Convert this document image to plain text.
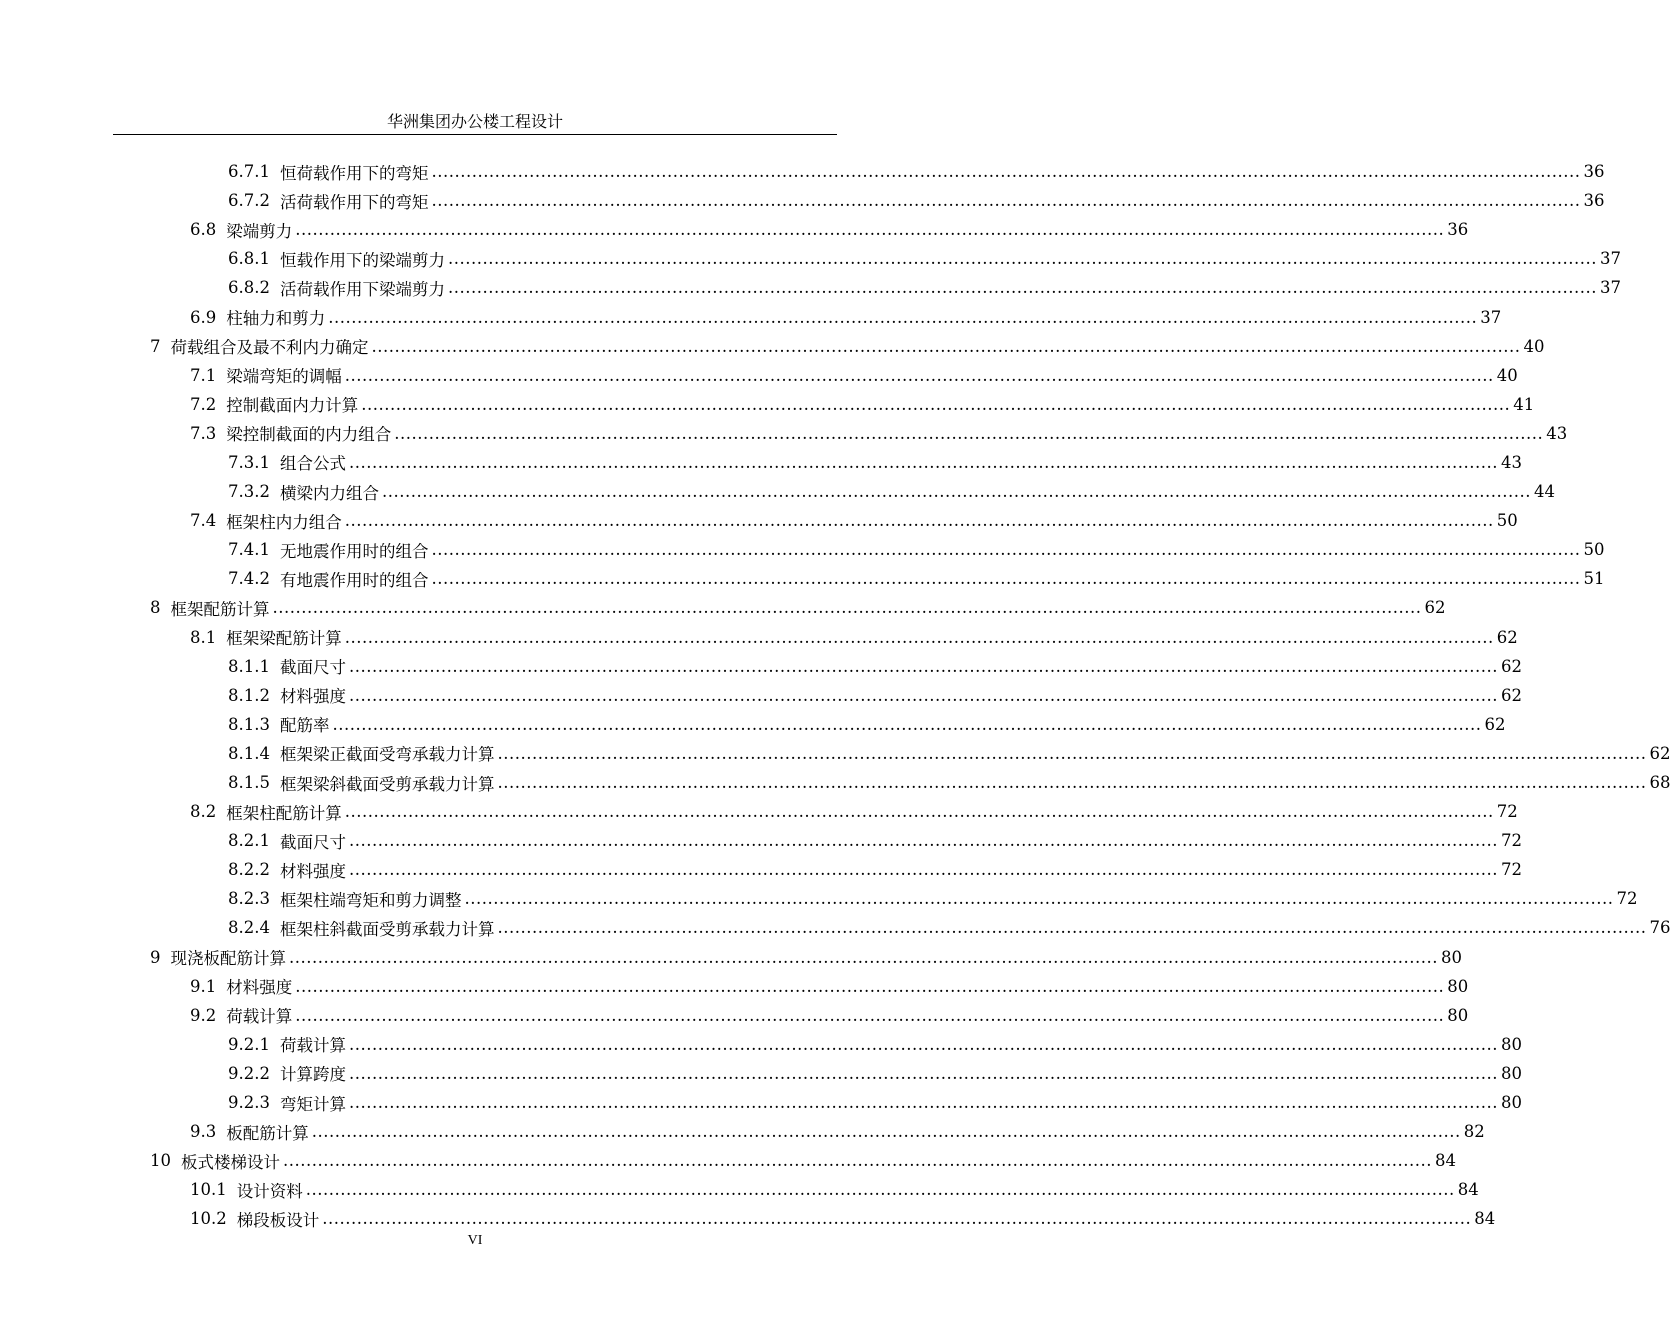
华洲集团办公楼工程设计
6.7.1 恒荷载作用下的弯矩 .....	36
6.7.2 活荷载作用下的弯矩 .....	36
6.8 梁端剪力 .....	36
6.8.1 恒载作用下的梁端剪力 .....	37
6.8.2 活荷载作用下梁端剪力 .....	37
6.9 柱轴力和剪力 .....	37
7 荷载组合及最不利内力确定 .....	40
7.1 梁端弯矩的调幅 .....	40
7.2 控制截面内力计算 .....	41
7.3 梁控制截面的内力组合 .....	43
7.3.1 组合公式 .....	43
7.3.2 横梁内力组合 .....	44
7.4 框架柱内力组合 .....	50
7.4.1 无地震作用时的组合 .....	50
7.4.2 有地震作用时的组合 .....	51
8 框架配筋计算 .....	62
8.1 框架梁配筋计算 .....	62
8.1.1 截面尺寸 .....	62
8.1.2 材料强度 .....	62
8.1.3 配筋率 .....	62
8.1.4 框架梁正截面受弯承载力计算 .....	62
8.1.5 框架梁斜截面受剪承载力计算 .....	68
8.2 框架柱配筋计算 .....	72
8.2.1 截面尺寸 .....	72
8.2.2 材料强度 .....	72
8.2.3 框架柱端弯矩和剪力调整 .....	72
8.2.4 框架柱斜截面受剪承载力计算 .....	76
9 现浇板配筋计算 .....	80
9.1 材料强度 .....	80
9.2 荷载计算 .....	80
9.2.1 荷载计算 .....	80
9.2.2 计算跨度 .....	80
9.2.3 弯矩计算 .....	80
9.3 板配筋计算 .....	82
10 板式楼梯设计 .....	84
10.1 设计资料 .....	84
10.2 梯段板设计 .....	84
VI
